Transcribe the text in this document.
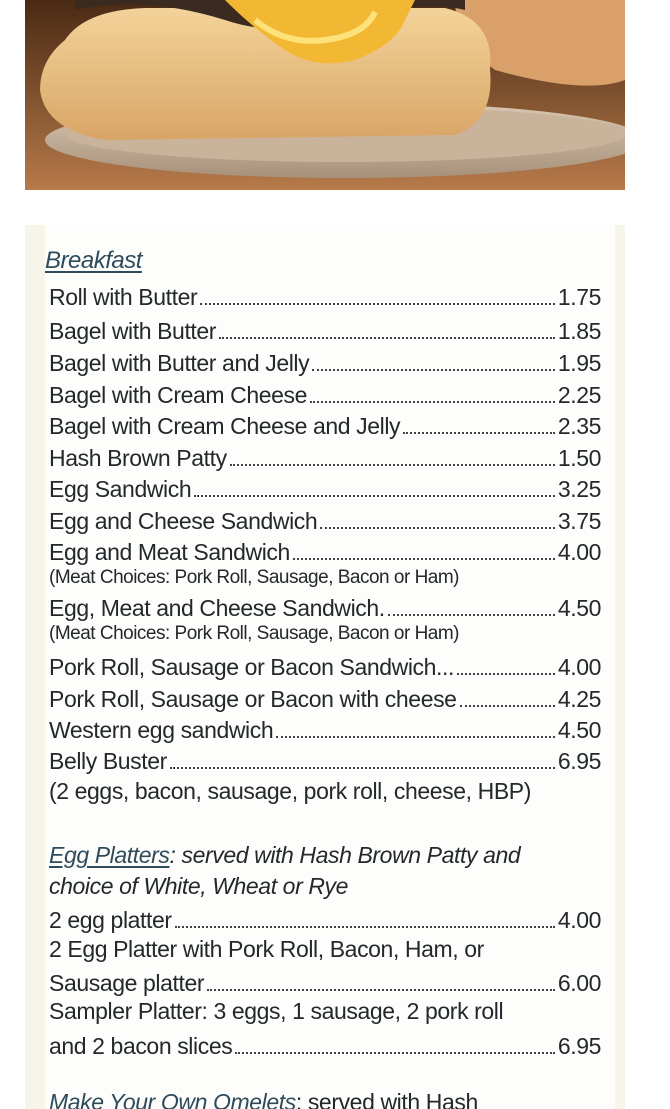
Breakfast
Roll with Butter	1.75
Bagel with Butter	1.85
Bagel with Butter and Jelly	1.95
Bagel with Cream Cheese	2.25
Bagel with Cream Cheese and Jelly	2.35
Hash Brown Patty	1.50
Egg Sandwich	3.25
Egg and Cheese Sandwich	3.75
Egg and Meat Sandwich	4.00
(Meat Choices: Pork Roll, Sausage, Bacon or Ham)
Egg, Meat and Cheese Sandwich.	4.50
(Meat Choices: Pork Roll, Sausage, Bacon or Ham)
Pork Roll, Sausage or Bacon Sandwich...	4.00
Pork Roll, Sausage or Bacon with cheese	4.25
Western egg sandwich	4.50
Belly Buster	6.95
(2 eggs, bacon, sausage, pork roll, cheese, HBP)
Egg Platters: served with Hash Brown Patty and
choice of White, Wheat or Rye
2 egg platter	4.00
2 Egg Platter with Pork Roll, Bacon, Ham, or
Sausage platter	6.00
Sampler Platter: 3 eggs, 1 sausage, 2 pork roll
and 2 bacon slices	6.95
Make Your Own Omelets: served with Hash
